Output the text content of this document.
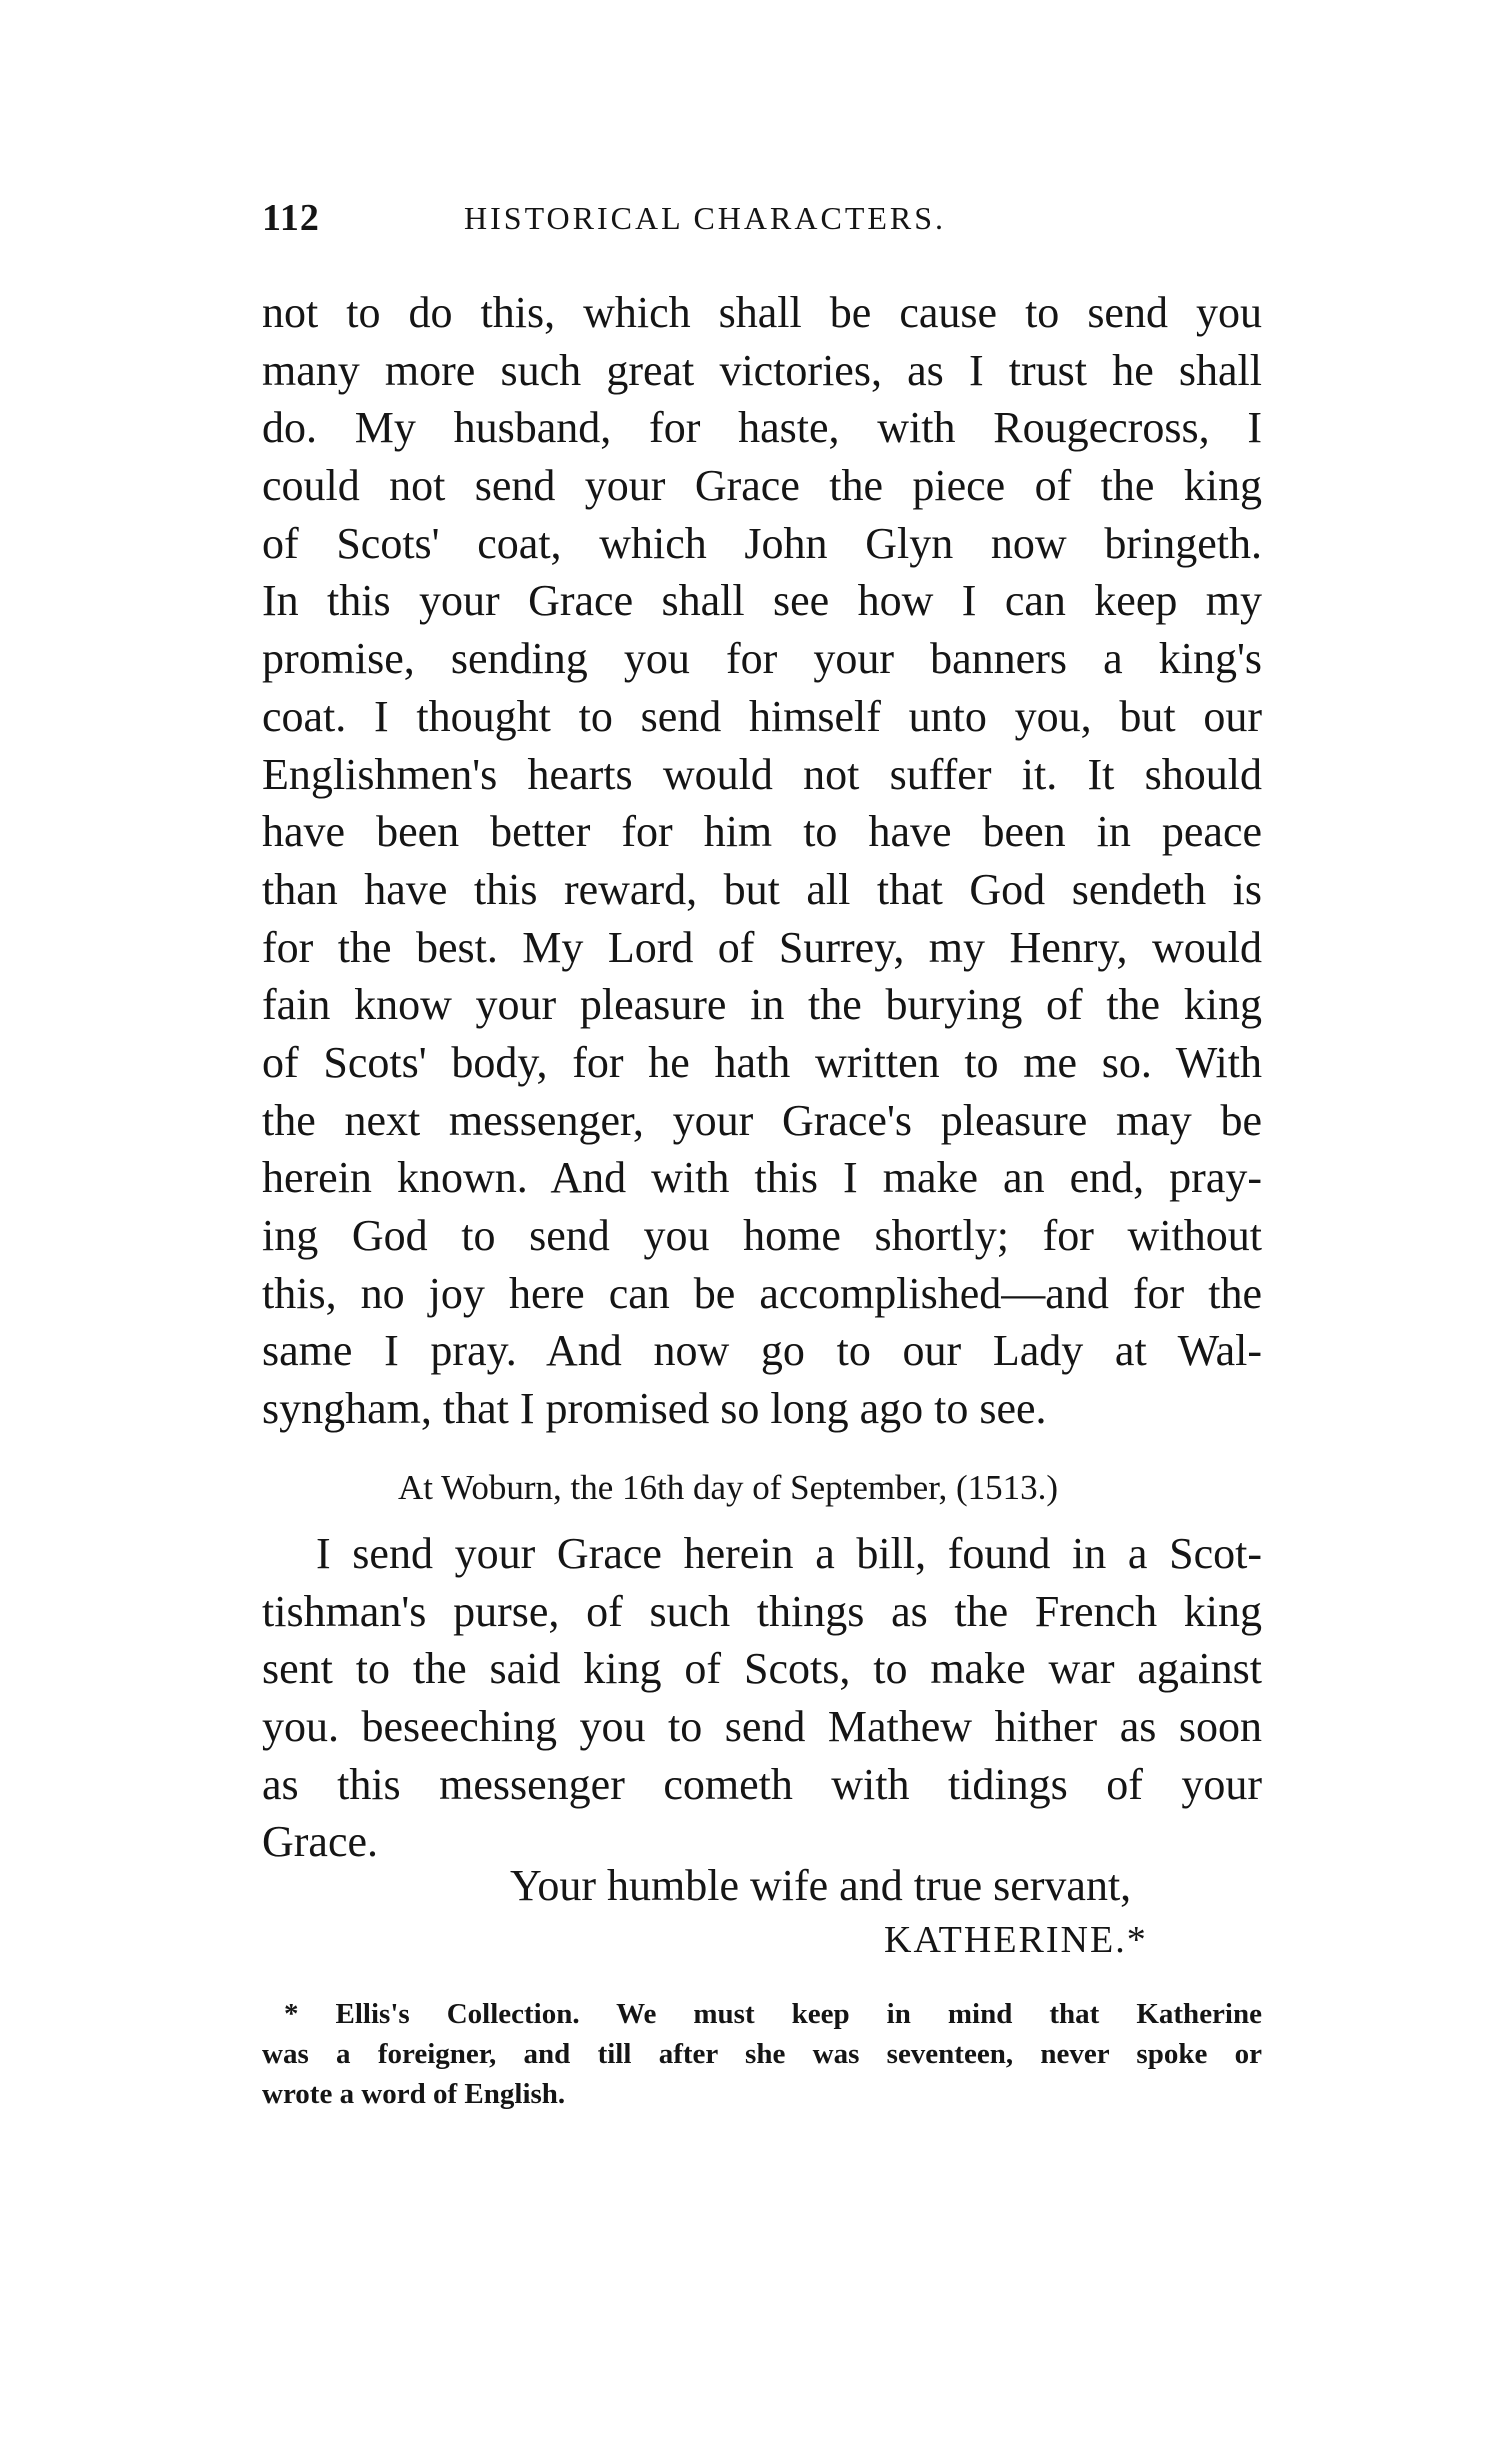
112	HISTORICAL CHARACTERS.
not to do this, which shall be cause to send you
many more such great victories, as I trust he shall
do. My husband, for haste, with Rougecross, I
could not send your Grace the piece of the king
of Scots' coat, which John Glyn now bringeth.
In this your Grace shall see how I can keep my
promise, sending you for your banners a king's
coat. I thought to send himself unto you, but our
Englishmen's hearts would not suffer it. It should
have been better for him to have been in peace
than have this reward, but all that God sendeth is
for the best. My Lord of Surrey, my Henry, would
fain know your pleasure in the burying of the king
of Scots' body, for he hath written to me so. With
the next messenger, your Grace's pleasure may be
herein known. And with this I make an end, pray-
ing God to send you home shortly; for without
this, no joy here can be accomplished—and for the
same I pray. And now go to our Lady at Wal-
syngham, that I promised so long ago to see.
At Woburn, the 16th day of September, (1513.)
I send your Grace herein a bill, found in a Scot-
tishman's purse, of such things as the French king
sent to the said king of Scots, to make war against
you. beseeching you to send Mathew hither as soon
as this messenger cometh with tidings of your
Grace.
Your humble wife and true servant,
KATHERINE.*
* Ellis's Collection. We must keep in mind that Katherine
was a foreigner, and till after she was seventeen, never spoke or
wrote a word of English.
